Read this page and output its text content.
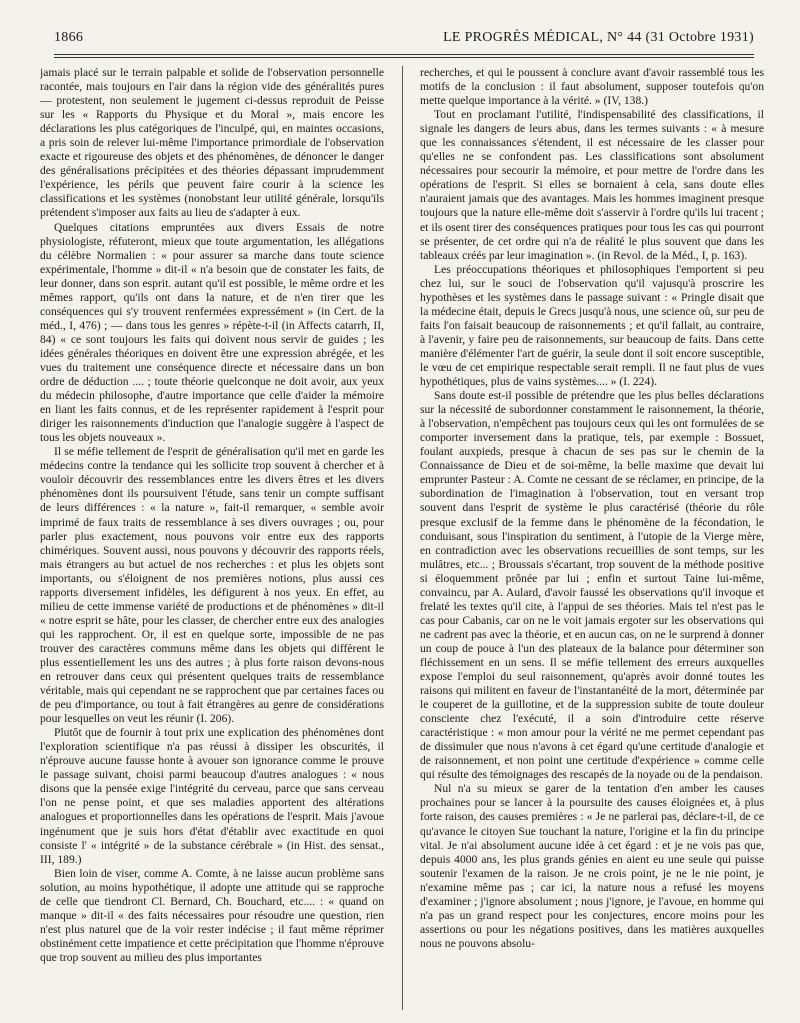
1866	LE PROGRÈS MÉDICAL, N° 44 (31 Octobre 1931)

jamais placé sur le terrain palpable et solide de l'observation personnelle racontée, mais toujours en l'air dans la région vide des généralités pures — protestent, non seulement le jugement ci-dessus reproduit de Peisse sur les « Rapports du Physique et du Moral », mais encore les déclarations les plus catégoriques de l'inculpé, qui, en maintes occasions, a pris soin de relever lui-même l'importance primordiale de l'observation exacte et rigoureuse des objets et des phénomènes, de dénoncer le danger des généralisations précipitées et des théories dépassant imprudemment l'expérience, les périls que peuvent faire courir à la science les classifications et les systèmes (nonobstant leur utilité générale, lorsqu'ils prétendent s'imposer aux faits au lieu de s'adapter à eux.

Quelques citations empruntées aux divers Essais de notre physiologiste, réfuteront, mieux que toute argumentation, les allégations du célèbre Normalien : « pour assurer sa marche dans toute science expérimentale, l'homme » dit-il « n'a besoin que de constater les faits, de leur donner, dans son esprit. autant qu'il est possible, le même ordre et les mêmes rapport, qu'ils ont dans la nature, et de n'en tirer que les conséquences qui s'y trouvent renfermées expressément » (in Cert. de la méd., I, 476) ; — dans tous les genres » répète-t-il (in Affects catarrh, II, 84) « ce sont toujours les faits qui doivent nous servir de guides ; les idées générales théoriques en doivent être une expression abrégée, et les vues du traitement une conséquence directe et nécessaire dans un bon ordre de déduction .... ; toute théorie quelconque ne doit avoir, aux yeux du médecin philosophe, d'autre importance que celle d'aider la mémoire en liant les faits connus, et de les représenter rapidement à l'esprit pour diriger les raisonnements d'induction que l'analogie suggère à l'aspect de tous les objets nouveaux ».

Il se méfie tellement de l'esprit de généralisation qu'il met en garde les médecins contre la tendance qui les sollicite trop souvent à chercher et à vouloir découvrir des ressemblances entre les divers êtres et les divers phénomènes dont ils poursuivent l'étude, sans tenir un compte suffisant de leurs différences : « la nature », fait-il remarquer, « semble avoir imprimé de faux traits de ressemblance à ses divers ouvrages ; ou, pour parler plus exactement, nous pouvons voir entre eux des rapports chimériques. Souvent aussi, nous pouvons y découvrir des rapports réels, mais étrangers au but actuel de nos recherches : et plus les objets sont importants, ou s'éloignent de nos premières notions, plus aussi ces rapports diversement infidèles, les défigurent à nos yeux. En effet, au milieu de cette immense variété de productions et de phénomènes » dit-il « notre esprit se hâte, pour les classer, de chercher entre eux des analogies qui les rapprochent. Or, il est en quelque sorte, impossible de ne pas trouver des caractères communs même dans les objets qui diffèrent le plus essentiellement les uns des autres ; à plus forte raison devons-nous en retrouver dans ceux qui présentent quelques traits de ressemblance véritable, mais qui cependant ne se rapprochent que par certaines faces ou de peu d'importance, ou tout à fait étrangères au genre de considérations pour lesquelles on veut les réunir (I. 206).

Plutôt que de fournir à tout prix une explication des phénomènes dont l'exploration scientifique n'a pas réussi à dissiper les obscurités, il n'éprouve aucune fausse honte à avouer son ignorance comme le prouve le passage suivant, choisi parmi beaucoup d'autres analogues : « nous disons que la pensée exige l'intégrité du cerveau, parce que sans cerveau l'on ne pense point, et que ses maladies apportent des altérations analogues et proportionnelles dans les opérations de l'esprit. Mais j'avoue ingénument que je suis hors d'état d'établir avec exactitude en quoi consiste l' « intégrité » de la substance cérébrale » (in Hist. des sensat., III, 189.)

Bien loin de viser, comme A. Comte, à ne laisse aucun problème sans solution, au moins hypothétique, il adopte une attitude qui se rapproche de celle que tiendront Cl. Bernard, Ch. Bouchard, etc.... : « quand on manque » dit-il « des faits nécessaires pour résoudre une question, rien n'est plus naturel que de la voir rester indécise ; il faut même réprimer obstinément cette impatience et cette précipitation que l'homme n'éprouve que trop souvent au milieu des plus importantes

recherches, et qui le poussent à conclure avant d'avoir rassemblé tous les motifs de la conclusion : il faut absolument, supposer toutefois qu'on mette quelque importance à la vérité. » (IV, 138.)

Tout en proclamant l'utilité, l'indispensabilité des classifications, il signale les dangers de leurs abus, dans les termes suivants : « à mesure que les connaissances s'étendent, il est nécessaire de les classer pour qu'elles ne se confondent pas. Les classifications sont absolument nécessaires pour secourir la mémoire, et pour mettre de l'ordre dans les opérations de l'esprit. Si elles se bornaient à cela, sans doute elles n'auraient jamais que des avantages. Mais les hommes imaginent presque toujours que la nature elle-même doit s'asservir à l'ordre qu'ils lui tracent ; et ils osent tirer des conséquences pratiques pour tous les cas qui pourront se présenter, de cet ordre qui n'a de réalité le plus souvent que dans les tableaux créés par leur imagination ». (in Revol. de la Méd., I, p. 163).

Les préoccupations théoriques et philosophiques l'emportent si peu chez lui, sur le souci de l'observation qu'il vajusqu'à proscrire les hypothèses et les systèmes dans le passage suivant : « Pringle disait que la médecine était, depuis le Grecs jusqu'à nous, une science où, sur peu de faits l'on faisait beaucoup de raisonnements ; et qu'il fallait, au contraire, à l'avenir, y faire peu de raisonnements, sur beaucoup de faits. Dans cette manière d'élémenter l'art de guérir, la seule dont il soit encore susceptible, le vœu de cet empirique respectable serait rempli. Il ne faut plus de vues hypothétiques, plus de vains systèmes.... » (I. 224).

Sans doute est-il possible de prétendre que les plus belles déclarations sur la nécessité de subordonner constamment le raisonnement, la théorie, à l'observation, n'empêchent pas toujours ceux qui les ont formulées de se comporter inversement dans la pratique, tels, par exemple : Bossuet, foulant auxpieds, presque à chacun de ses pas sur le chemin de la Connaissance de Dieu et de soi-même, la belle maxime que devait lui emprunter Pasteur : A. Comte ne cessant de se réclamer, en principe, de la subordination de l'imagination à l'observation, tout en versant trop souvent dans l'esprit de système le plus caractérisé (théorie du rôle presque exclusif de la femme dans le phénomène de la fécondation, le conduisant, sous l'inspiration du sentiment, à l'utopie de la Vierge mère, en contradiction avec les observations recueillies de sont temps, sur les mulâtres, etc... ; Broussais s'écartant, trop souvent de la méthode positive si éloquemment prônée par lui ; enfin et surtout Taine lui-même, convaincu, par A. Aulard, d'avoir faussé les observations qu'il invoque et frelaté les textes qu'il cite, à l'appui de ses théories. Mais tel n'est pas le cas pour Cabanis, car on ne le voit jamais ergoter sur les observations qui ne cadrent pas avec la théorie, et en aucun cas, on ne le surprend à donner un coup de pouce à l'un des plateaux de la balance pour déterminer son fléchissement en un sens. Il se méfie tellement des erreurs auxquelles expose l'emploi du seul raisonnement, qu'après avoir donné toutes les raisons qui militent en faveur de l'instantanéité de la mort, déterminée par le couperet de la guillotine, et de la suppression subite de toute douleur consciente chez l'exécuté, il a soin d'introduire cette réserve caractéristique : « mon amour pour la vérité ne me permet cependant pas de dissimuler que nous n'avons à cet égard qu'une certitude d'analogie et de raisonnement, et non point une certitude d'expérience » comme celle qui résulte des témoignages des rescapés de la noyade ou de la pendaison.

Nul n'a su mieux se garer de la tentation d'en amber les causes prochaines pour se lancer à la poursuite des causes éloignées et, à plus forte raison, des causes premières : « Je ne parlerai pas, déclare-t-il, de ce qu'avance le citoyen Sue touchant la nature, l'origine et la fin du principe vital. Je n'ai absolument aucune idée à cet égard : et je ne vois pas que, depuis 4000 ans, les plus grands génies en aient eu une seule qui puisse soutenir l'examen de la raison. Je ne crois point, je ne le nie point, je n'examine même pas ; car ici, la nature nous a refusé les moyens d'examiner ; j'ignore absolument ; nous j'ignore, je l'avoue, en homme qui n'a pas un grand respect pour les conjectures, encore moins pour les assertions ou pour les négations positives, dans les matières auxquelles nous ne pouvons absolu-
